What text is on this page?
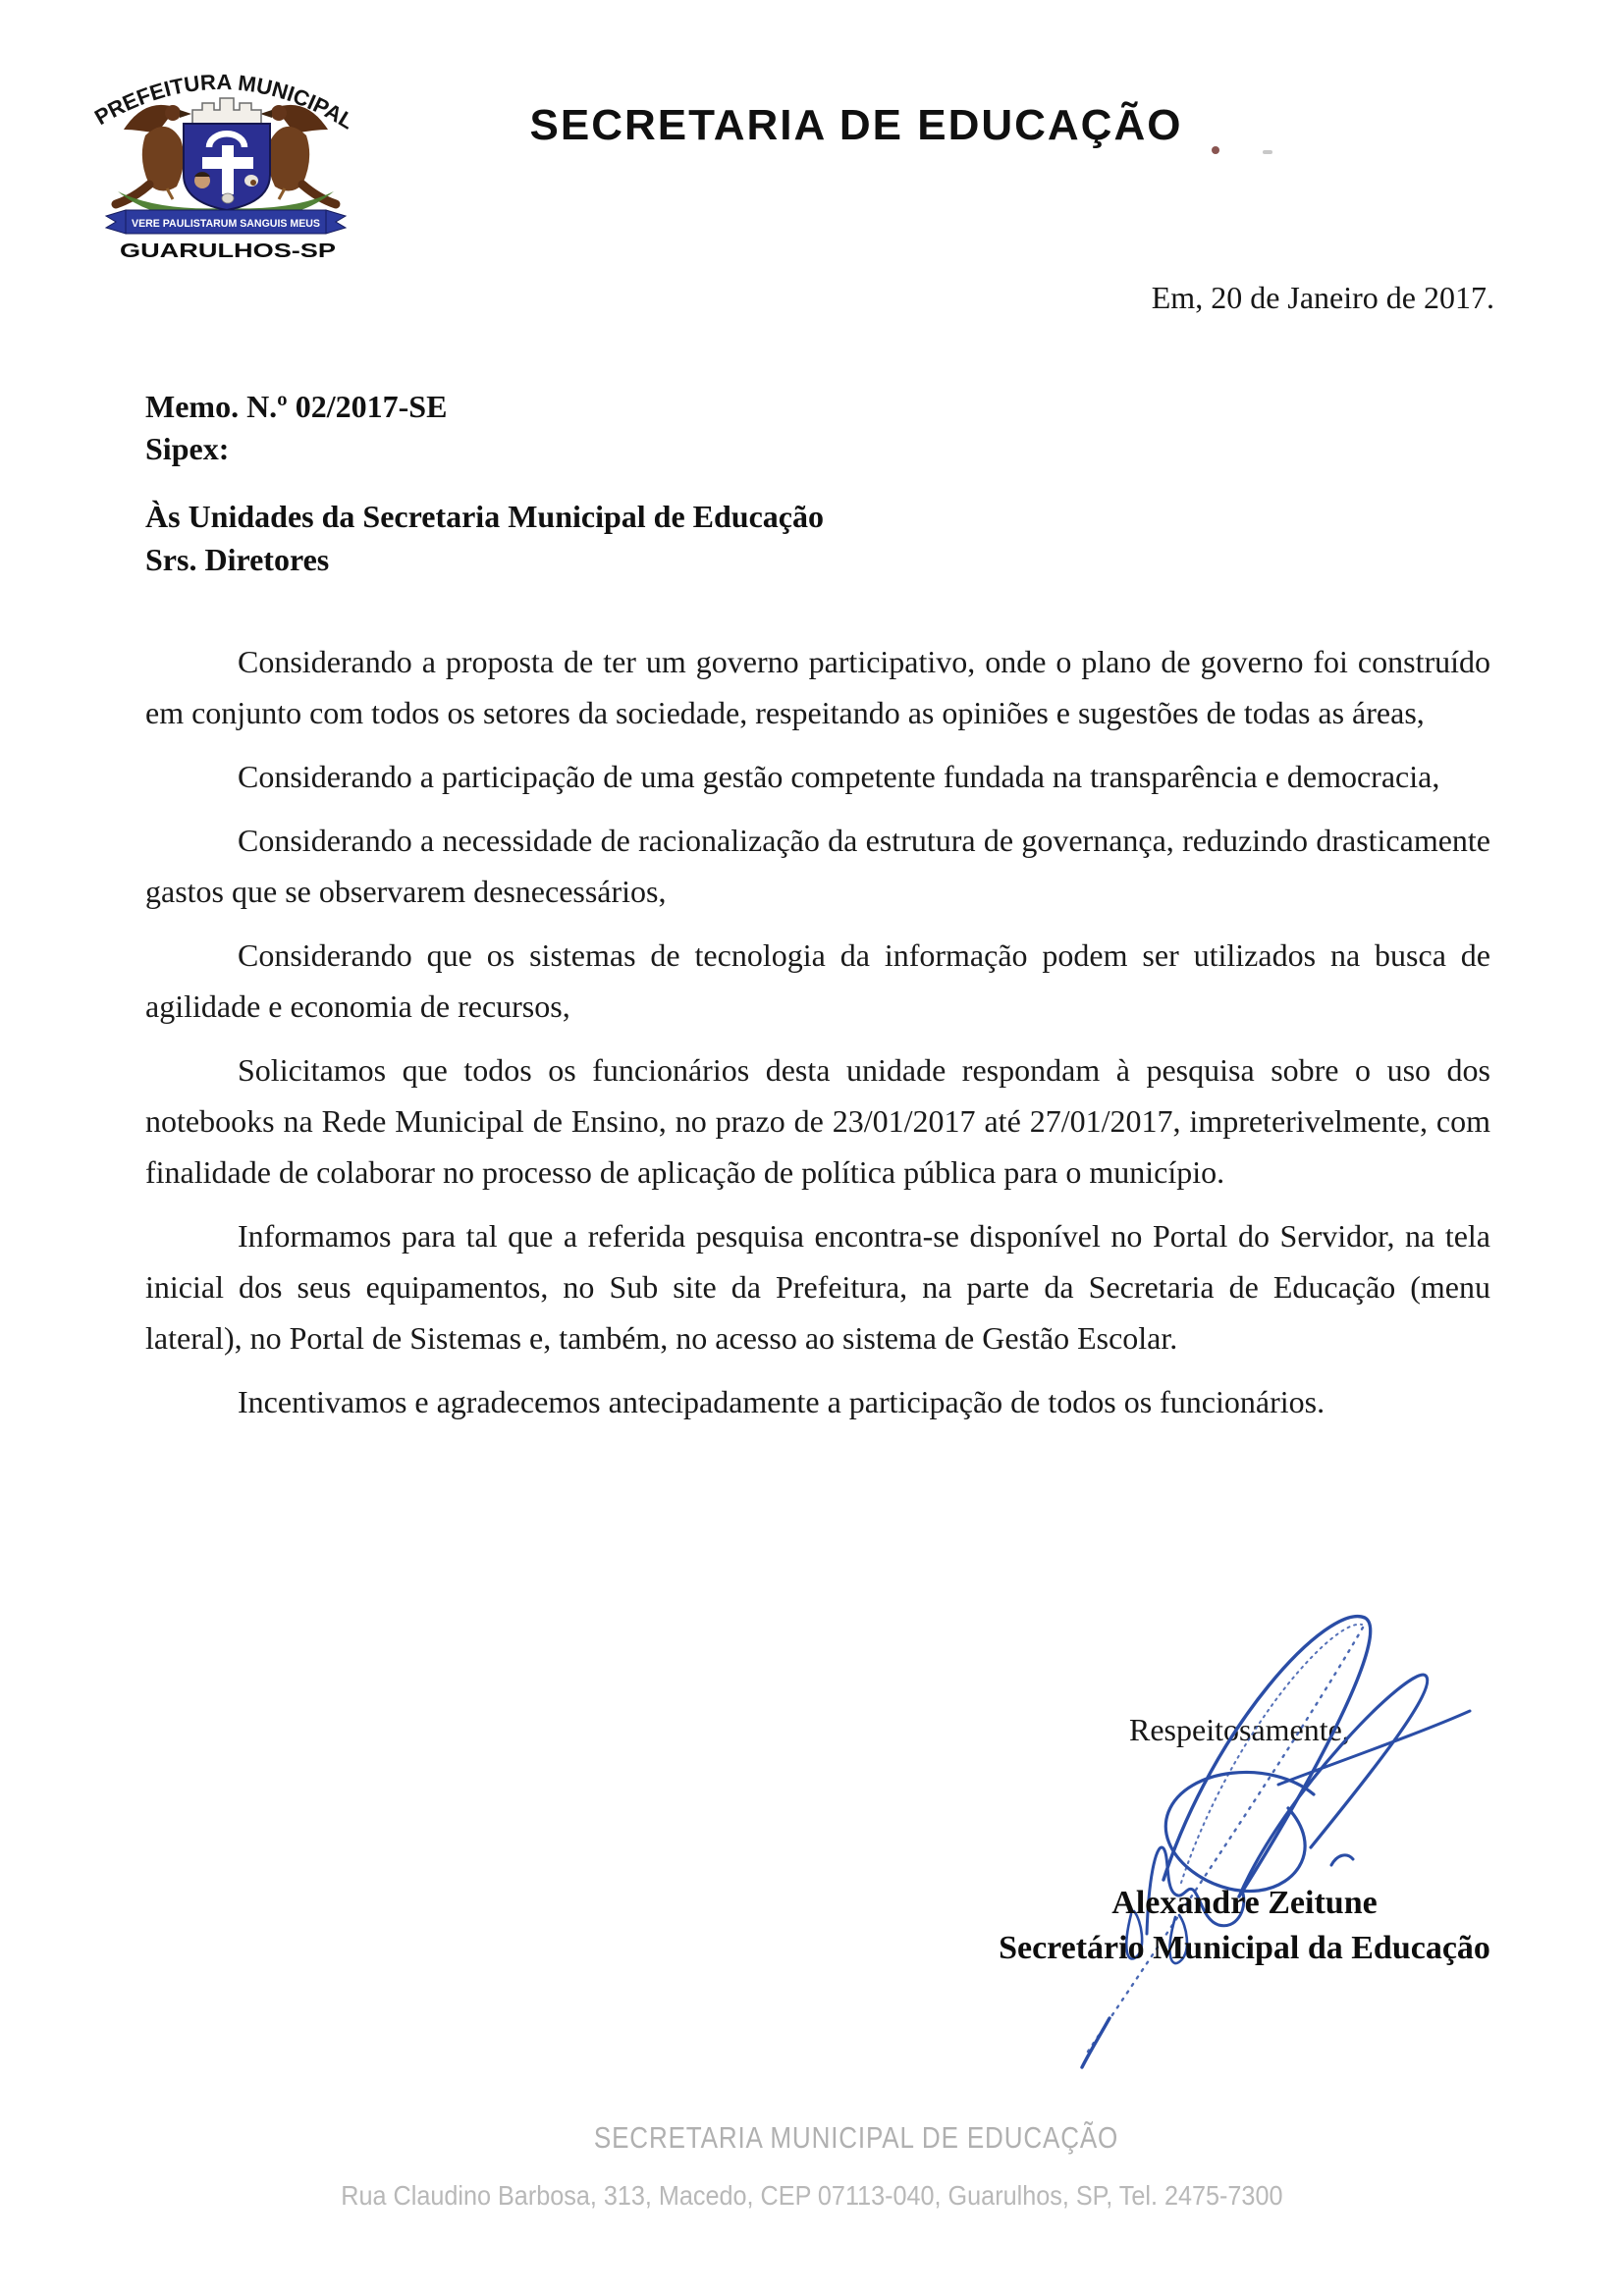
PREFEITURA MUNICIPAL
VERE PAULISTARUM SANGUIS MEUS
GUARULHOS-SP
SECRETARIA DE EDUCAÇÃO
Em, 20 de Janeiro de 2017.
Memo. N.º 02/2017-SE
Sipex:
Às Unidades da Secretaria Municipal de Educação
Srs. Diretores

Considerando a proposta de ter um governo participativo, onde o plano de governo foi construído em conjunto com todos os setores da sociedade, respeitando as opiniões e sugestões de todas as áreas,

Considerando a participação de uma gestão competente fundada na transparência e democracia,

Considerando a necessidade de racionalização da estrutura de governança, reduzindo drasticamente gastos que se observarem desnecessários,

Considerando que os sistemas de tecnologia da informação podem ser utilizados na busca de agilidade e economia de recursos,

Solicitamos que todos os funcionários desta unidade respondam à pesquisa sobre o uso dos notebooks na Rede Municipal de Ensino, no prazo de 23/01/2017 até 27/01/2017, impreterivelmente, com finalidade de colaborar no processo de aplicação de política pública para o município.

Informamos para tal que a referida pesquisa encontra-se disponível no Portal do Servidor, na tela inicial dos seus equipamentos, no Sub site da Prefeitura, na parte da Secretaria de Educação (menu lateral), no Portal de Sistemas e, também, no acesso ao sistema de Gestão Escolar.

Incentivamos e agradecemos antecipadamente a participação de todos os funcionários.

Respeitosamente,
Alexandre Zeitune
Secretário Municipal da Educação
SECRETARIA MUNICIPAL DE EDUCAÇÃO
Rua Claudino Barbosa, 313, Macedo, CEP 07113-040, Guarulhos, SP, Tel. 2475-7300
